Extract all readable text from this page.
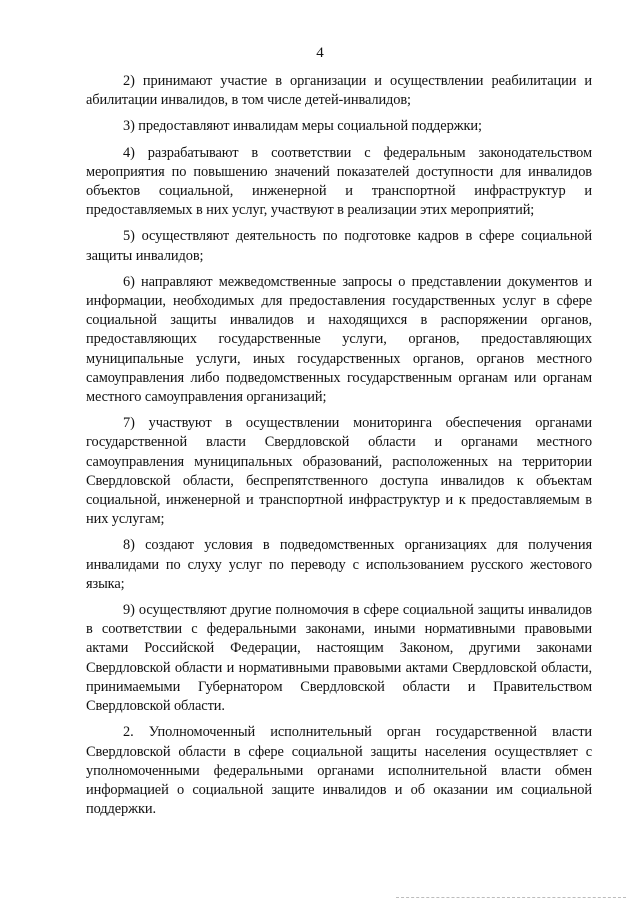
4

2) принимают участие в организации и осуществлении реабилитации и абилитации инвалидов, в том числе детей-инвалидов;

3) предоставляют инвалидам меры социальной поддержки;

4) разрабатывают в соответствии с федеральным законодательством мероприятия по повышению значений показателей доступности для инвалидов объектов социальной, инженерной и транспортной инфраструктур и предоставляемых в них услуг, участвуют в реализации этих мероприятий;

5) осуществляют деятельность по подготовке кадров в сфере социальной защиты инвалидов;

6) направляют межведомственные запросы о представлении документов и информации, необходимых для предоставления государственных услуг в сфере социальной защиты инвалидов и находящихся в распоряжении органов, предоставляющих государственные услуги, органов, предоставляющих муниципальные услуги, иных государственных органов, органов местного самоуправления либо подведомственных государственным органам или органам местного самоуправления организаций;

7) участвуют в осуществлении мониторинга обеспечения органами государственной власти Свердловской области и органами местного самоуправления муниципальных образований, расположенных на территории Свердловской области, беспрепятственного доступа инвалидов к объектам социальной, инженерной и транспортной инфраструктур и к предоставляемым в них услугам;

8) создают условия в подведомственных организациях для получения инвалидами по слуху услуг по переводу с использованием русского жестового языка;

9) осуществляют другие полномочия в сфере социальной защиты инвалидов в соответствии с федеральными законами, иными нормативными правовыми актами Российской Федерации, настоящим Законом, другими законами Свердловской области и нормативными правовыми актами Свердловской области, принимаемыми Губернатором Свердловской области и Правительством Свердловской области.

2. Уполномоченный исполнительный орган государственной власти Свердловской области в сфере социальной защиты населения осуществляет с уполномоченными федеральными органами исполнительной власти обмен информацией о социальной защите инвалидов и об оказании им социальной поддержки.
